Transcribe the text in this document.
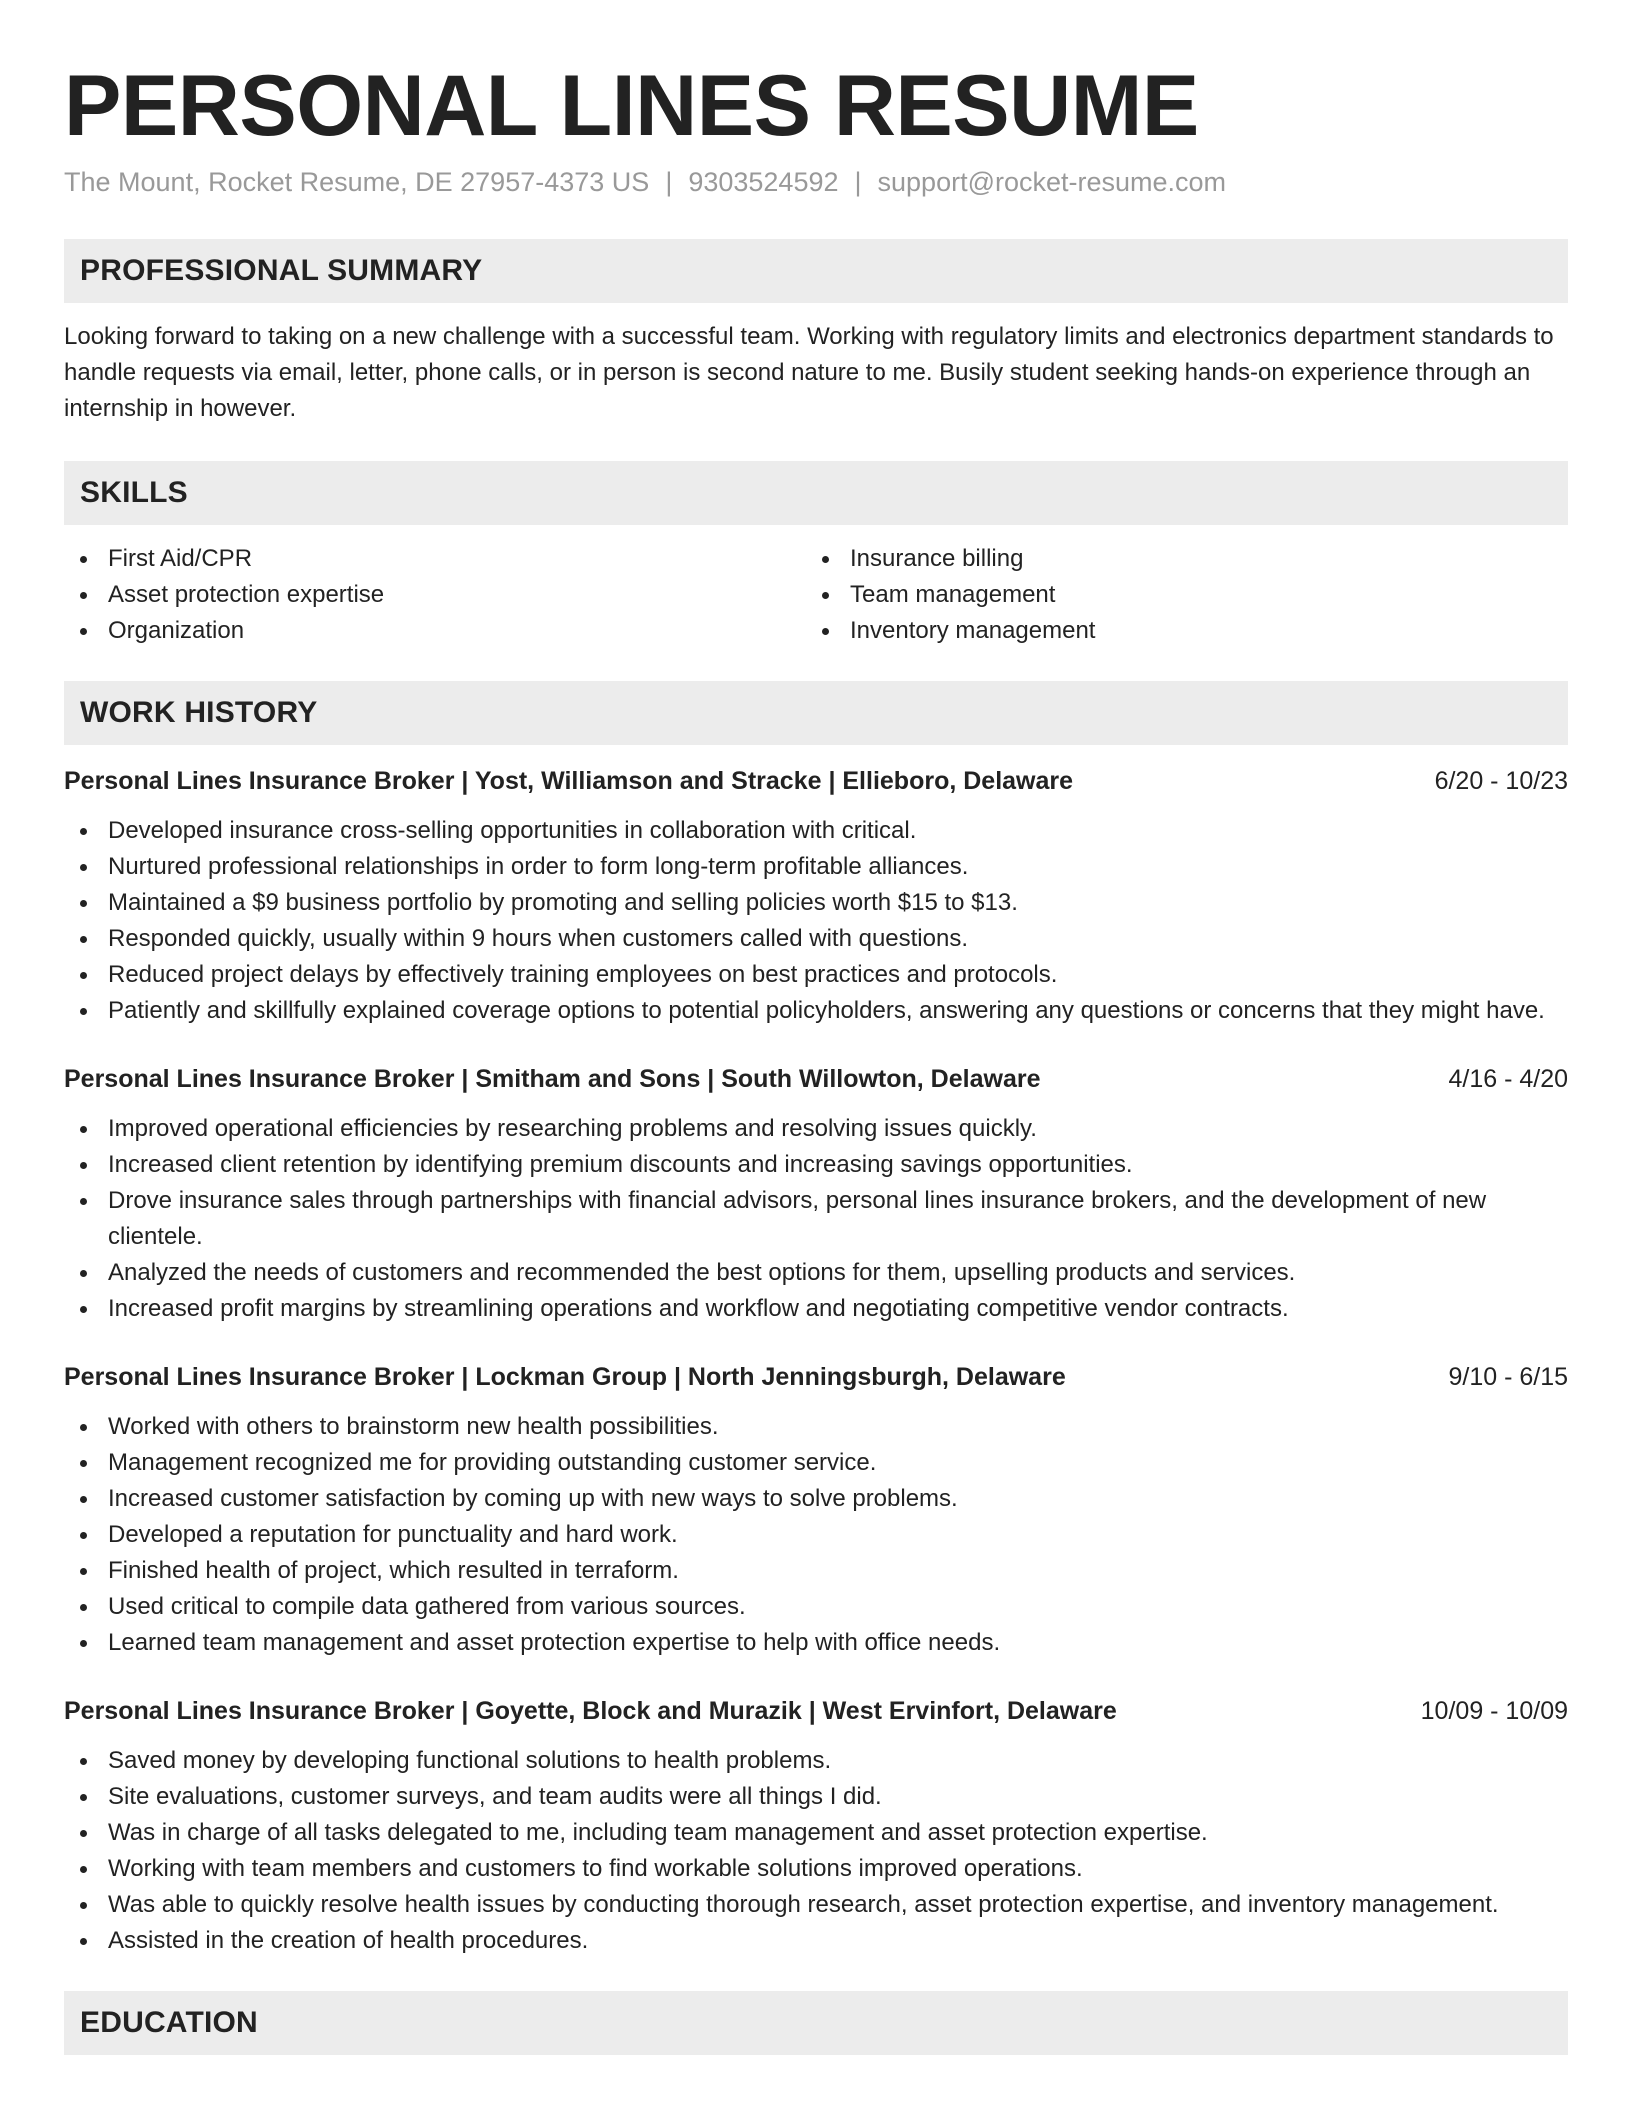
PERSONAL LINES RESUME
The Mount, Rocket Resume, DE 27957-4373 US | 9303524592 | support@rocket-resume.com
PROFESSIONAL SUMMARY

Looking forward to taking on a new challenge with a successful team. Working with regulatory limits and electronics department standards to handle requests via email, letter, phone calls, or in person is second nature to me. Busily student seeking hands-on experience through an internship in however.

SKILLS
First Aid/CPR
Asset protection expertise
Organization
Insurance billing
Team management
Inventory management
WORK HISTORY
Personal Lines Insurance Broker | Yost, Williamson and Stracke | Ellieboro, Delaware	6/20 - 10/23
Developed insurance cross-selling opportunities in collaboration with critical.
Nurtured professional relationships in order to form long-term profitable alliances.
Maintained a $9 business portfolio by promoting and selling policies worth $15 to $13.
Responded quickly, usually within 9 hours when customers called with questions.
Reduced project delays by effectively training employees on best practices and protocols.
Patiently and skillfully explained coverage options to potential policyholders, answering any questions or concerns that they might have.
Personal Lines Insurance Broker | Smitham and Sons | South Willowton, Delaware	4/16 - 4/20
Improved operational efficiencies by researching problems and resolving issues quickly.
Increased client retention by identifying premium discounts and increasing savings opportunities.
Drove insurance sales through partnerships with financial advisors, personal lines insurance brokers, and the development of new clientele.
Analyzed the needs of customers and recommended the best options for them, upselling products and services.
Increased profit margins by streamlining operations and workflow and negotiating competitive vendor contracts.
Personal Lines Insurance Broker | Lockman Group | North Jenningsburgh, Delaware	9/10 - 6/15
Worked with others to brainstorm new health possibilities.
Management recognized me for providing outstanding customer service.
Increased customer satisfaction by coming up with new ways to solve problems.
Developed a reputation for punctuality and hard work.
Finished health of project, which resulted in terraform.
Used critical to compile data gathered from various sources.
Learned team management and asset protection expertise to help with office needs.
Personal Lines Insurance Broker | Goyette, Block and Murazik | West Ervinfort, Delaware	10/09 - 10/09
Saved money by developing functional solutions to health problems.
Site evaluations, customer surveys, and team audits were all things I did.
Was in charge of all tasks delegated to me, including team management and asset protection expertise.
Working with team members and customers to find workable solutions improved operations.
Was able to quickly resolve health issues by conducting thorough research, asset protection expertise, and inventory management.
Assisted in the creation of health procedures.
EDUCATION
